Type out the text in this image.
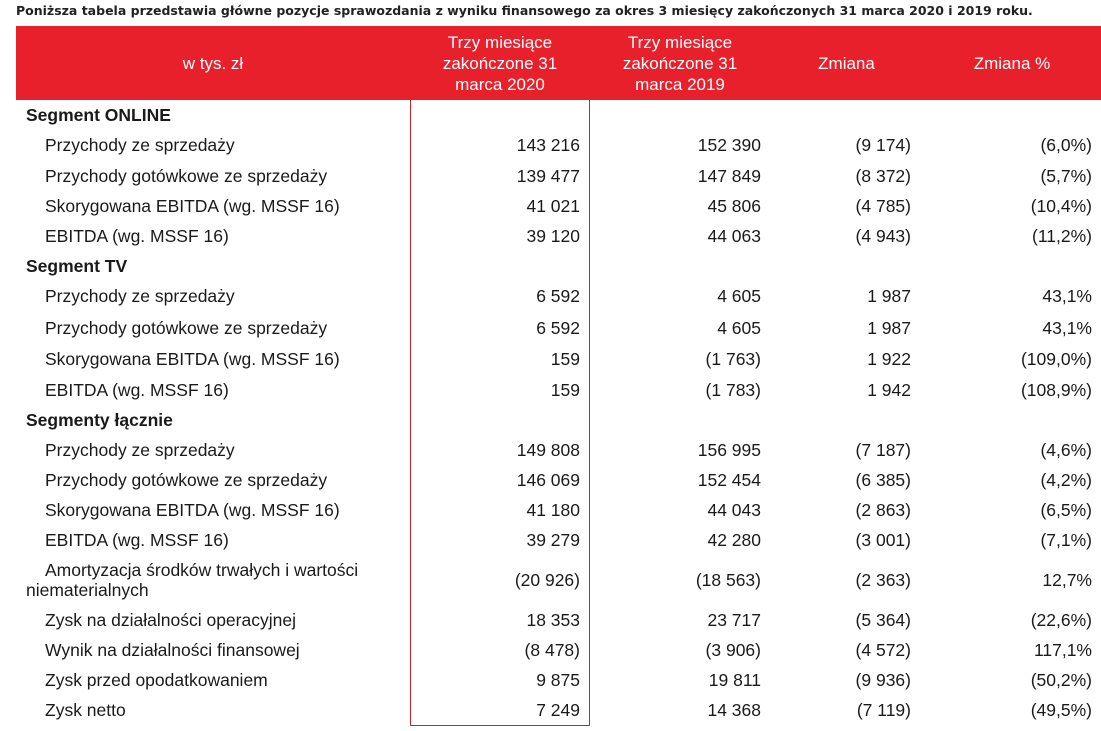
Poniższa tabela przedstawia główne pozycje sprawozdania z wyniku finansowego za okres 3 miesięcy zakończonych 31 marca 2020 i 2019 roku.
w tys. zł	Trzy miesiące zakończone 31 marca 2020	Trzy miesiące zakończone 31 marca 2019	Zmiana	Zmiana %
Segment ONLINE				
Przychody ze sprzedaży	143 216	152 390	(9 174)	(6,0%)
Przychody gotówkowe ze sprzedaży	139 477	147 849	(8 372)	(5,7%)
Skorygowana EBITDA (wg. MSSF 16)	41 021	45 806	(4 785)	(10,4%)
EBITDA (wg. MSSF 16)	39 120	44 063	(4 943)	(11,2%)
Segment TV				
Przychody ze sprzedaży	6 592	4 605	1 987	43,1%
Przychody gotówkowe ze sprzedaży	6 592	4 605	1 987	43,1%
Skorygowana EBITDA (wg. MSSF 16)	159	(1 763)	1 922	(109,0%)
EBITDA (wg. MSSF 16)	159	(1 783)	1 942	(108,9%)
Segmenty łącznie				
Przychody ze sprzedaży	149 808	156 995	(7 187)	(4,6%)
Przychody gotówkowe ze sprzedaży	146 069	152 454	(6 385)	(4,2%)
Skorygowana EBITDA (wg. MSSF 16)	41 180	44 043	(2 863)	(6,5%)
EBITDA (wg. MSSF 16)	39 279	42 280	(3 001)	(7,1%)
Amortyzacja środków trwałych i wartości niematerialnych	(20 926)	(18 563)	(2 363)	12,7%
Zysk na działalności operacyjnej	18 353	23 717	(5 364)	(22,6%)
Wynik na działalności finansowej	(8 478)	(3 906)	(4 572)	117,1%
Zysk przed opodatkowaniem	9 875	19 811	(9 936)	(50,2%)
Zysk netto	7 249	14 368	(7 119)	(49,5%)
